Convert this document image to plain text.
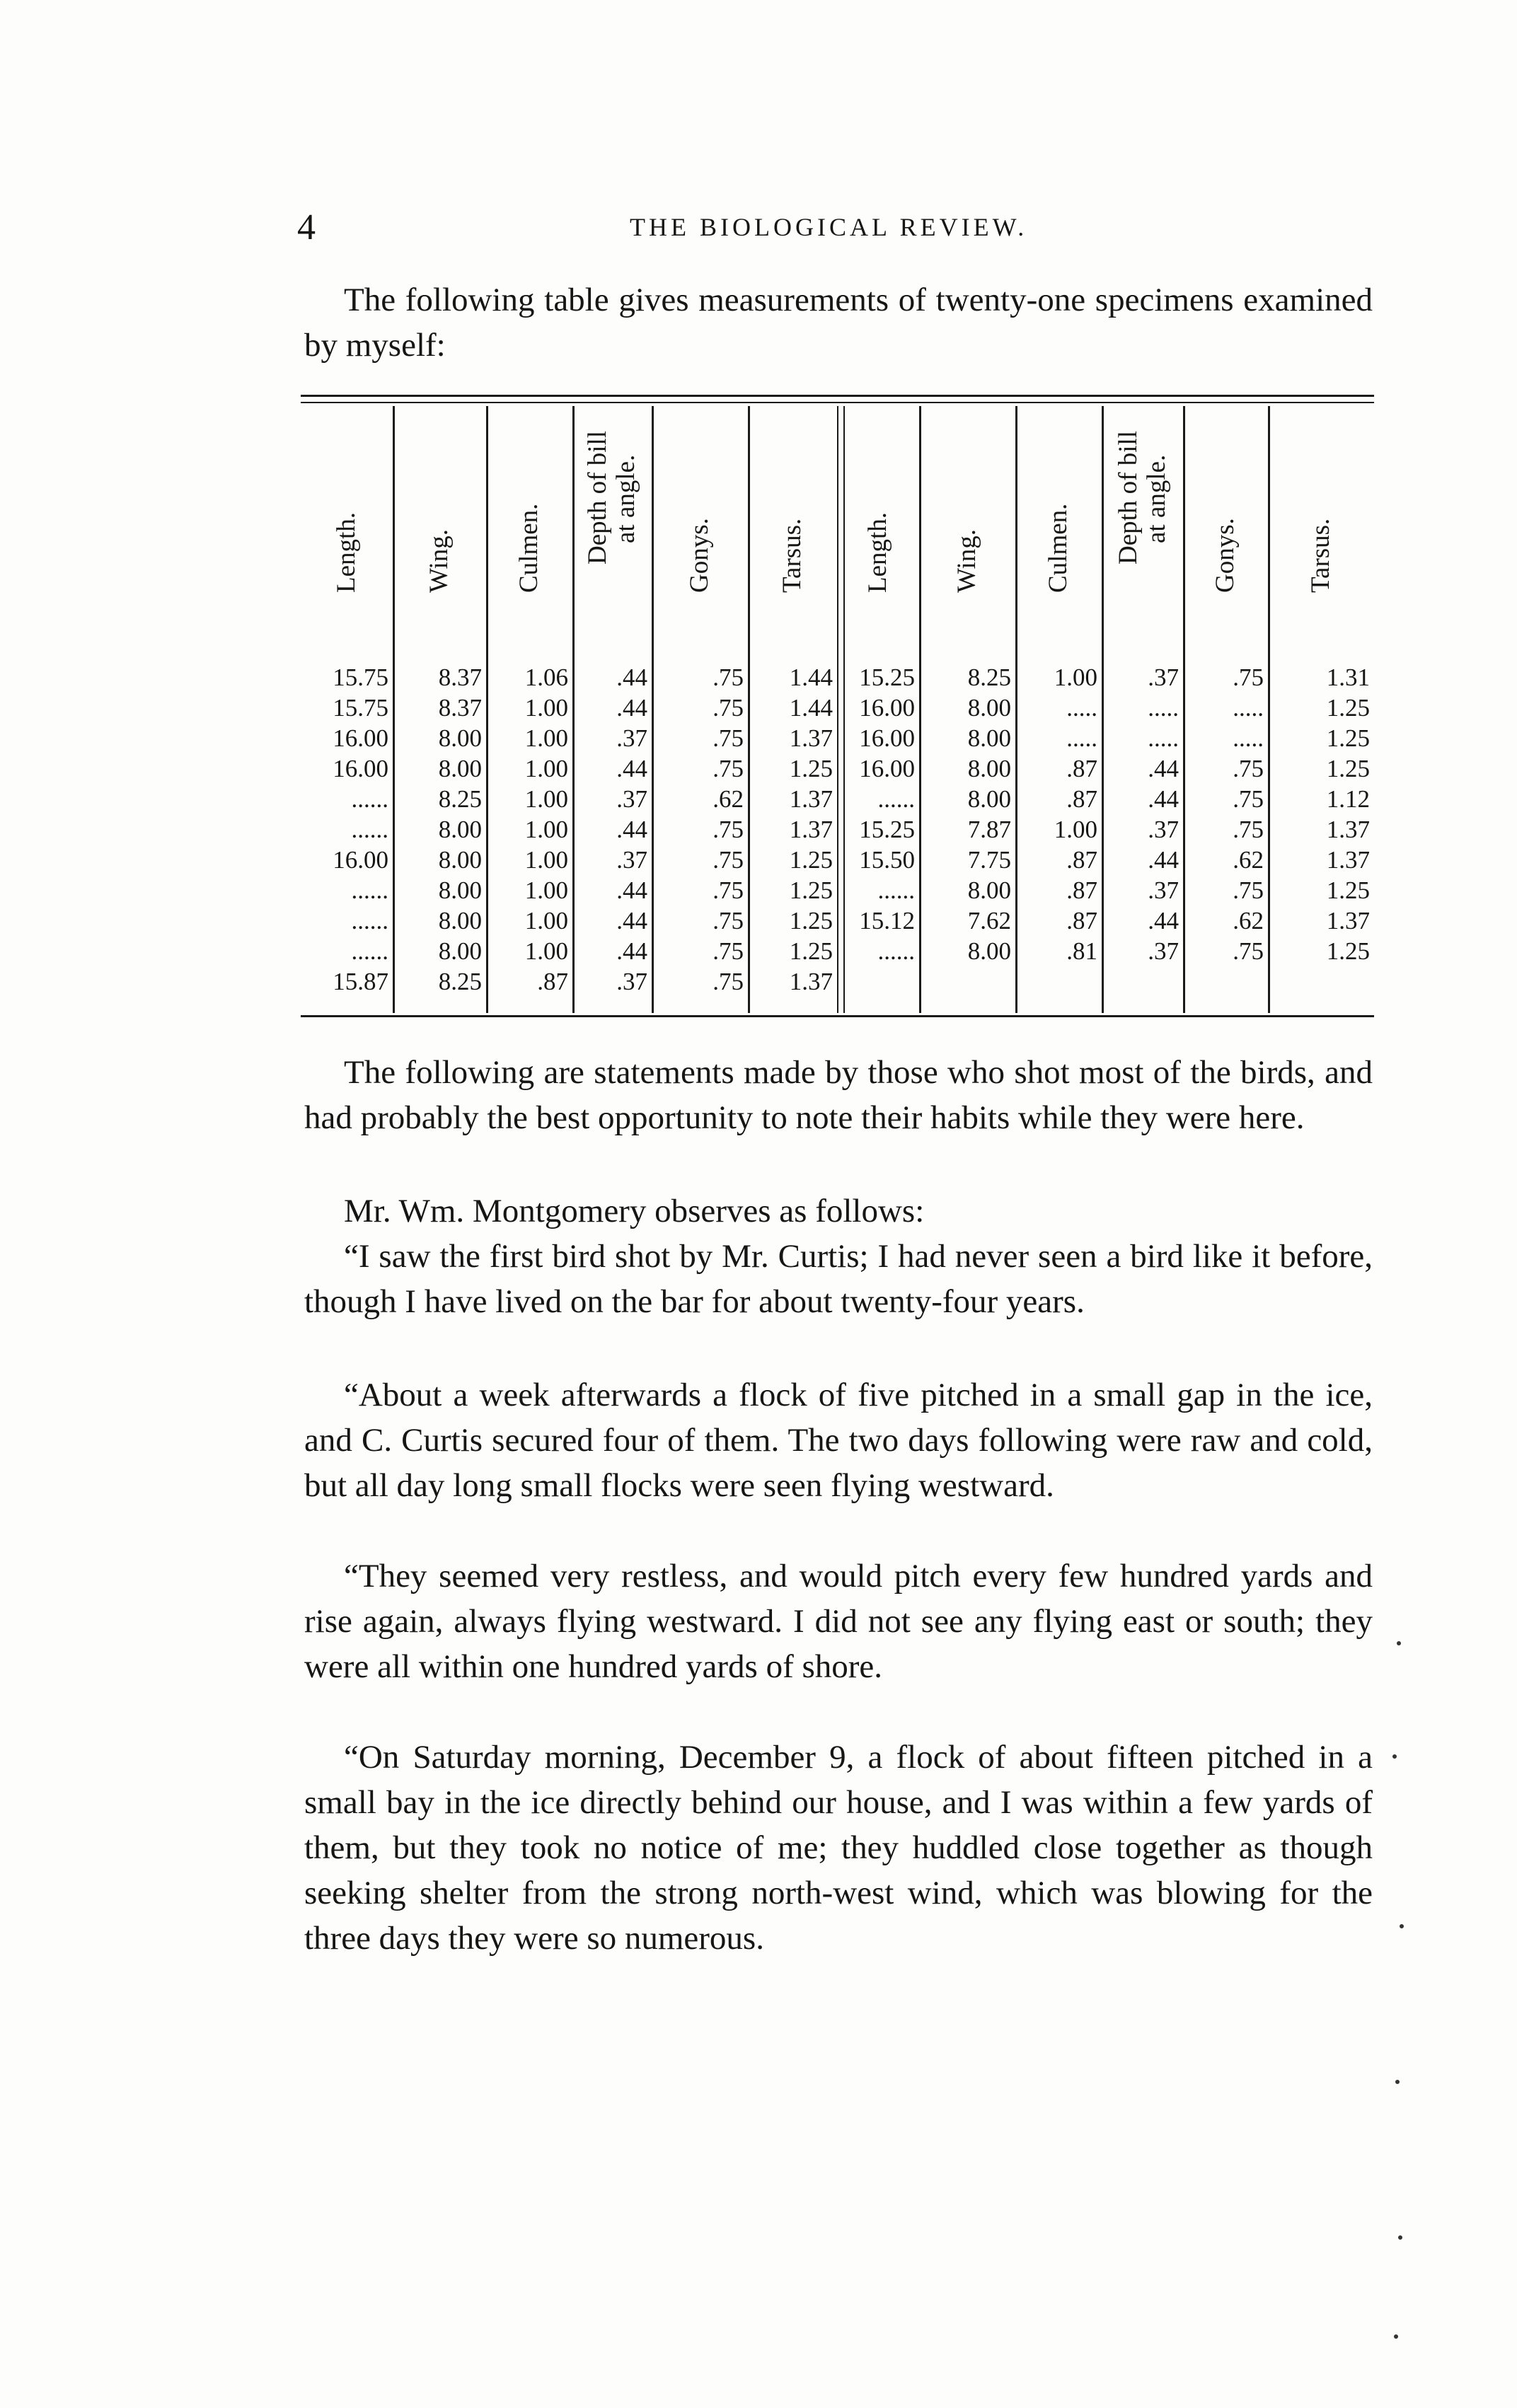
4	THE BIOLOGICAL REVIEW.

The following table gives measurements of twenty-one specimens examined by myself:

Length. Wing. Culmen. Depth of bill at angle.
Gonys. Tarsus. Length. Wing. Culmen. Depth of bill at angle.
Gonys.	Tarsus.
15.75
15.75
16.00
16.00
......
......
16.00
......
......
......
15.87
8.37
8.37
8.00
8.00
8.25
8.00
8.00
8.00
8.00
8.00
8.25
1.06
1.00
1.00
1.00
1.00
1.00
1.00
1.00
1.00
1.00
.87
.44
.44
.37
.44
.37
.44
.37
.44
.44
.44
.37
.75
.75
.75
.75
.62
.75
.75
.75
.75
.75
.75
1.44
1.44
1.37
1.25
1.37
1.37
1.25
1.25
1.25
1.25
1.37
15.25
16.00
16.00
16.00
......
15.25
15.50
......
15.12
......

8.25
8.00
8.00
8.00
8.00
7.87
7.75
8.00
7.62
8.00

1.00
.....
.....
.87
.87
1.00
.87
.87
.87
.81

.37
.....
.....
.44
.44
.37
.44
.37
.44
.37

.75
.....
.....
.75
.75
.75
.62
.75
.62
.75

1.31
1.25
1.25
1.25
1.12
1.37
1.37
1.25
1.37
1.25

The following are statements made by those who shot most of the birds, and had probably the best opportunity to note their habits while they were here.

Mr. Wm. Montgomery observes as follows:

“I saw the first bird shot by Mr. Curtis; I had never seen a bird like it before, though I have lived on the bar for about twenty-four years.

“About a week afterwards a flock of five pitched in a small gap in the ice, and C. Curtis secured four of them. The two days following were raw and cold, but all day long small flocks were seen flying westward.

“They seemed very restless, and would pitch every few hundred yards and rise again, always flying westward. I did not see any flying east or south; they were all within one hundred yards of shore.

“On Saturday morning, December 9, a flock of about fifteen pitched in a small bay in the ice directly behind our house, and I was within a few yards of them, but they took no notice of me; they huddled close together as though seeking shelter from the strong north-west wind, which was blowing for the three days they were so numerous.
